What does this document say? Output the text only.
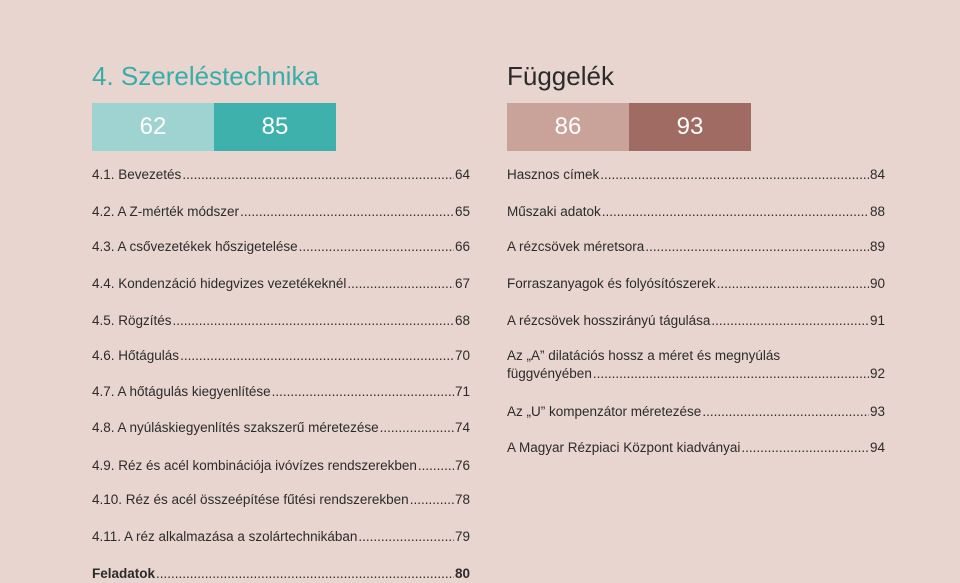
4. Szereléstechnika
62	85
4.1. Bevezetés .....	64
4.2. A Z-mérték módszer .....	65
4.3. A csővezetékek hőszigetelése .....	66
4.4. Kondenzáció hidegvizes vezetékeknél .....	67
4.5. Rögzítés .....	68
4.6. Hőtágulás .....	70
4.7. A hőtágulás kiegyenlítése .....	71
4.8. A nyúláskiegyenlítés szakszerű méretezése .....	74
4.9. Réz és acél kombinációja ivóvízes rendszerekben .....	76
4.10. Réz és acél összeépítése fűtési rendszerekben .....	78
4.11. A réz alkalmazása a szolártechnikában .....	79
Feladatok .....	80
Függelék
86	93
Hasznos címek .....	84
Műszaki adatok .....	88
A rézcsövek méretsora .....	89
Forraszanyagok és folyósítószerek .....	90
A rézcsövek hosszirányú tágulása .....	91
Az „A” dilatációs hossz a méret és megnyúlás
függvényében .....	92
Az „U” kompenzátor méretezése .....	93
A Magyar Rézpiaci Központ kiadványai .....	94
